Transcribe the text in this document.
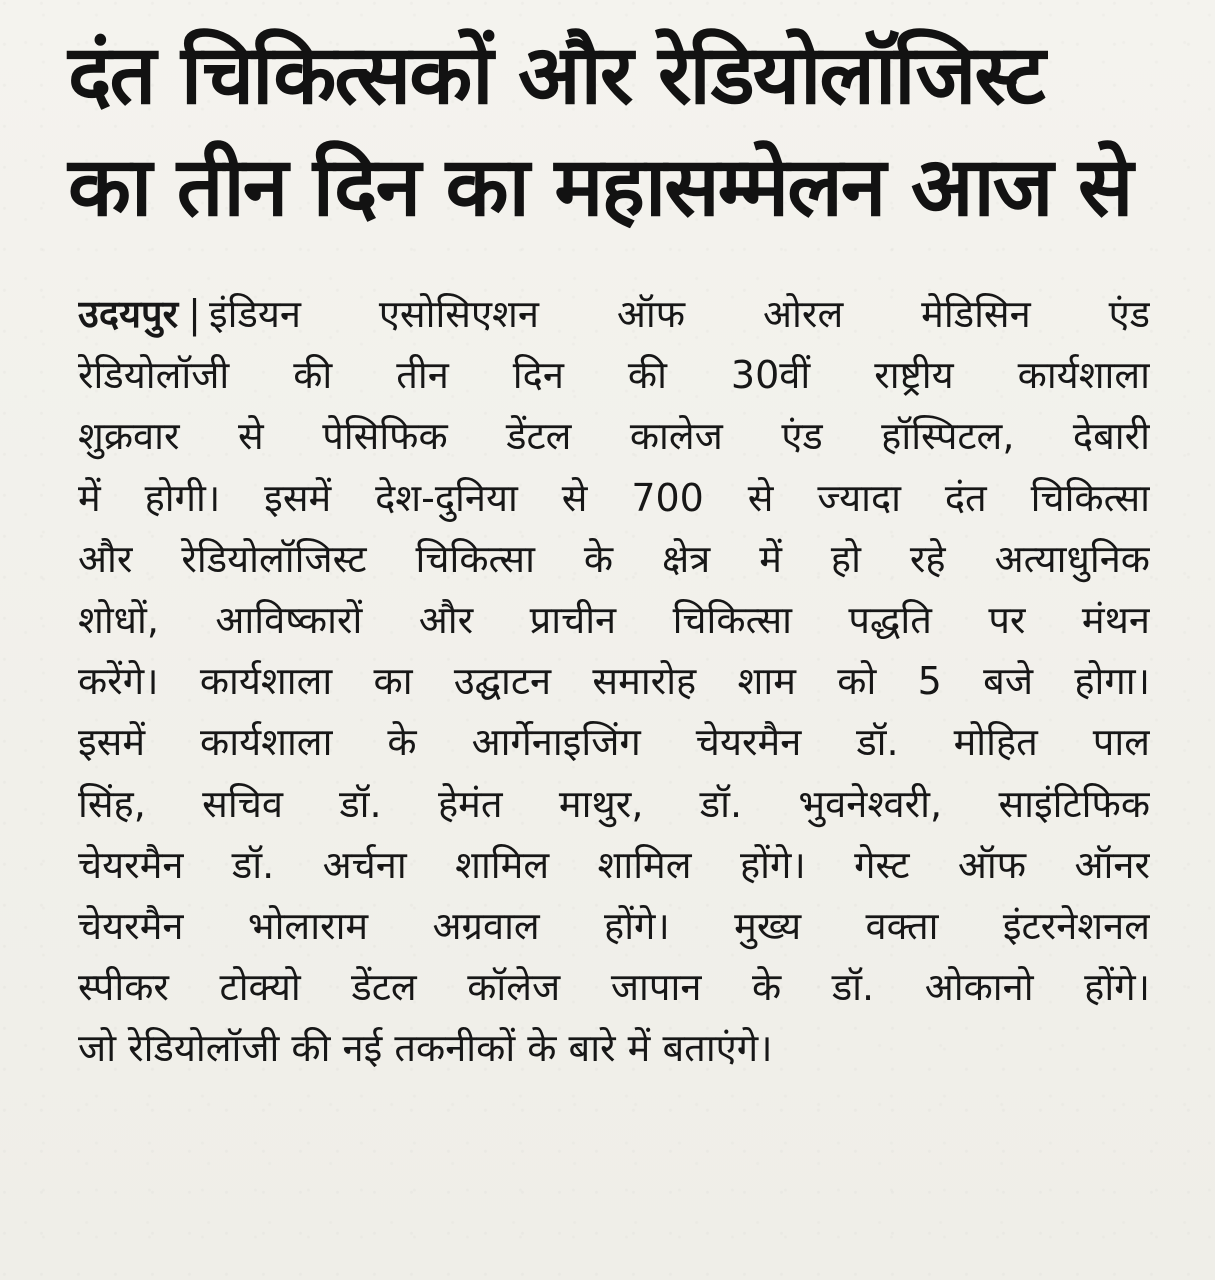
दंत चिकित्सकों और रेडियोलॉजिस्ट
का तीन दिन का महासम्मेलन आज से
उदयपुर | इंडियन एसोसिएशन ऑफ ओरल मेडिसिन एंड
रेडियोलॉजी की तीन दिन की 30वीं राष्ट्रीय कार्यशाला
शुक्रवार से पेसिफिक डेंटल कालेज एंड हॉस्पिटल, देबारी
में होगी। इसमें देश-दुनिया से 700 से ज्यादा दंत चिकित्सा
और रेडियोलॉजिस्ट चिकित्सा के क्षेत्र में हो रहे अत्याधुनिक
शोधों, आविष्कारों और प्राचीन चिकित्सा पद्धति पर मंथन
करेंगे। कार्यशाला का उद्घाटन समारोह शाम को 5 बजे होगा।
इसमें कार्यशाला के आर्गेनाइजिंग चेयरमैन डॉ. मोहित पाल
सिंह, सचिव डॉ. हेमंत माथुर, डॉ. भुवनेश्वरी, साइंटिफिक
चेयरमैन डॉ. अर्चना शामिल शामिल होंगे। गेस्ट ऑफ ऑनर
चेयरमैन भोलाराम अग्रवाल होंगे। मुख्य वक्ता इंटरनेशनल
स्पीकर टोक्यो डेंटल कॉलेज जापान के डॉ. ओकानो होंगे।
जो रेडियोलॉजी की नई तकनीकों के बारे में बताएंगे।
